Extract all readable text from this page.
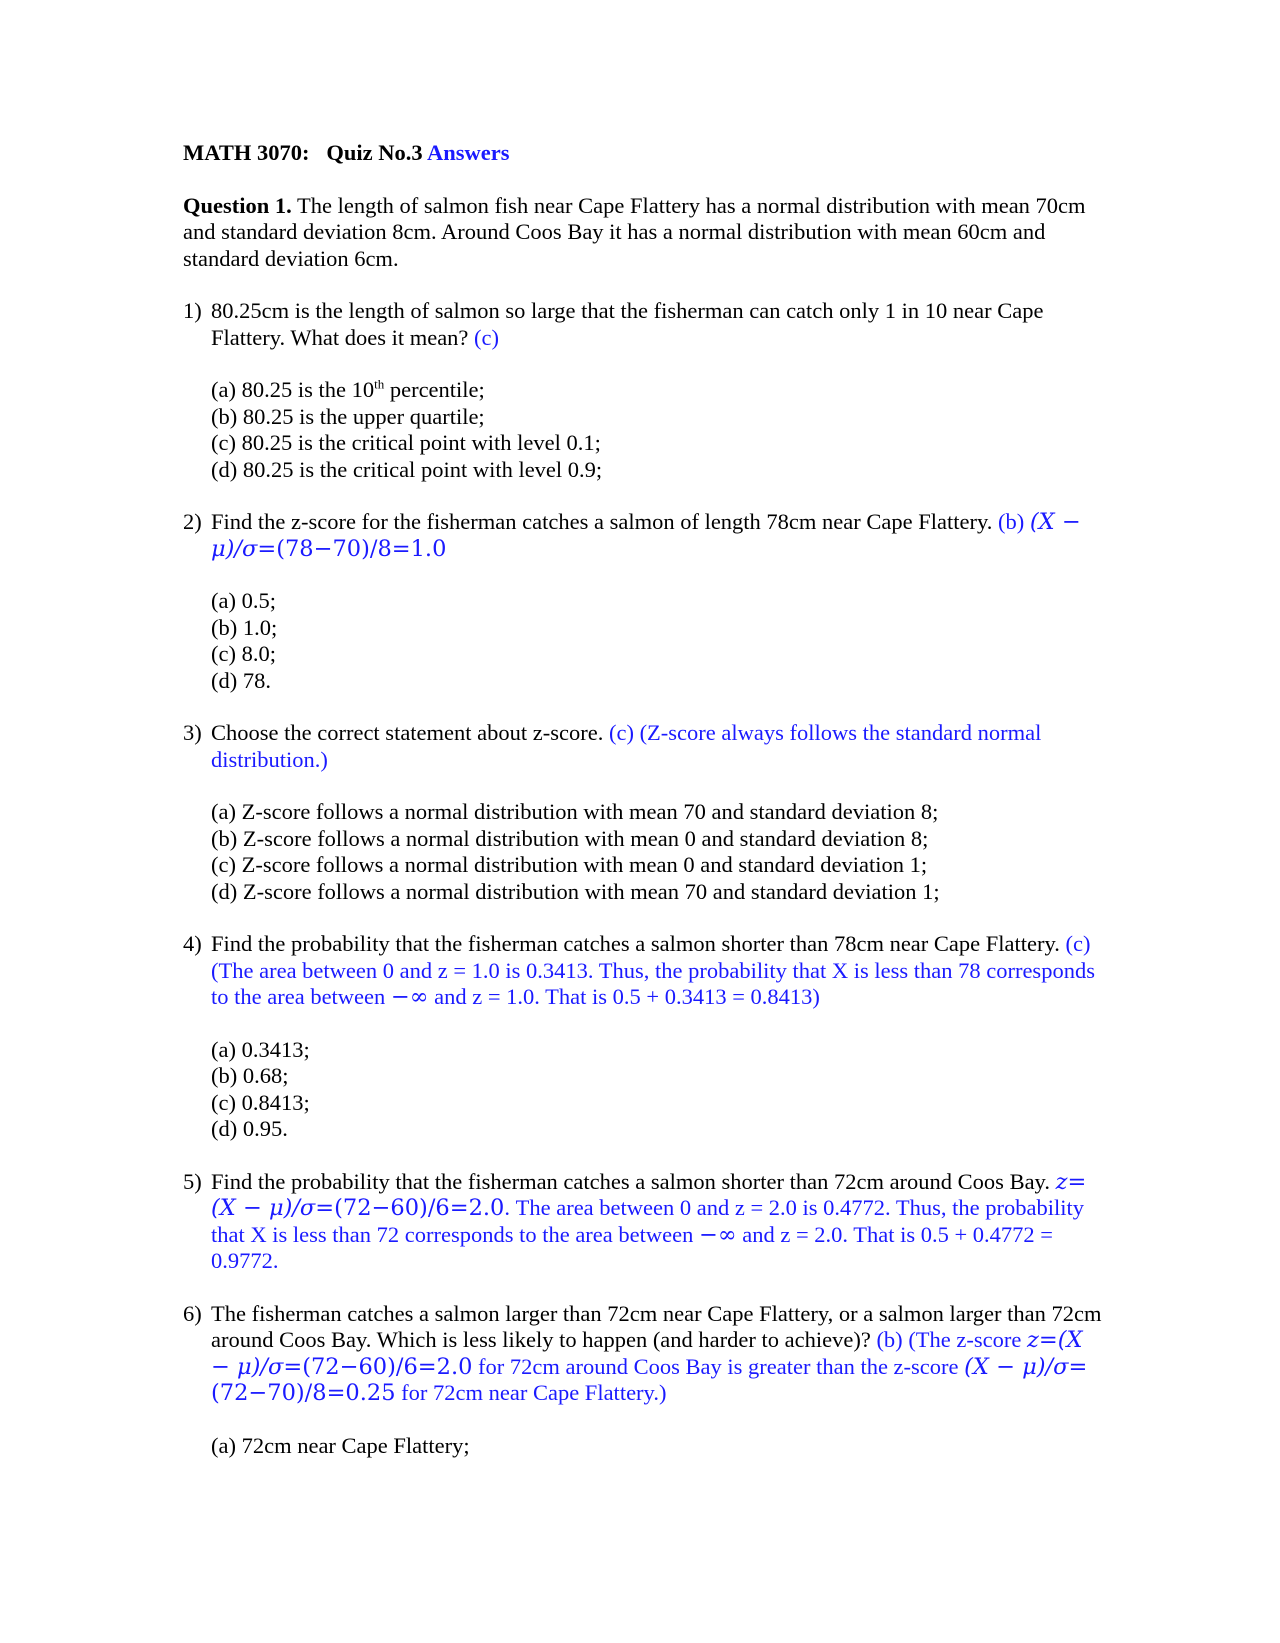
MATH 3070: Quiz No.3 Answers
Question 1. The length of salmon fish near Cape Flattery has a normal distribution with mean 70cm and standard deviation 8cm. Around Coos Bay it has a normal distribution with mean 60cm and standard deviation 6cm.
1) 80.25cm is the length of salmon so large that the fisherman can catch only 1 in 10 near Cape Flattery. What does it mean? (c)
(a) 80.25 is the 10th percentile;
(b) 80.25 is the upper quartile;
(c) 80.25 is the critical point with level 0.1;
(d) 80.25 is the critical point with level 0.9;
2) Find the z-score for the fisherman catches a salmon of length 78cm near Cape Flattery. (b) (X − μ)/σ=(78−70)/8=1.0
(a) 0.5;
(b) 1.0;
(c) 8.0;
(d) 78.
3) Choose the correct statement about z-score. (c) (Z-score always follows the standard normal distribution.)
(a) Z-score follows a normal distribution with mean 70 and standard deviation 8;
(b) Z-score follows a normal distribution with mean 0 and standard deviation 8;
(c) Z-score follows a normal distribution with mean 0 and standard deviation 1;
(d) Z-score follows a normal distribution with mean 70 and standard deviation 1;
4) Find the probability that the fisherman catches a salmon shorter than 78cm near Cape Flattery. (c) (The area between 0 and z = 1.0 is 0.3413. Thus, the probability that X is less than 78 corresponds to the area between −∞ and z = 1.0. That is 0.5 + 0.3413 = 0.8413)
(a) 0.3413;
(b) 0.68;
(c) 0.8413;
(d) 0.95.
5) Find the probability that the fisherman catches a salmon shorter than 72cm around Coos Bay. z=(X − μ)/σ=(72−60)/6=2.0. The area between 0 and z = 2.0 is 0.4772. Thus, the probability that X is less than 72 corresponds to the area between −∞ and z = 2.0. That is 0.5 + 0.4772 = 0.9772.
6) The fisherman catches a salmon larger than 72cm near Cape Flattery, or a salmon larger than 72cm around Coos Bay. Which is less likely to happen (and harder to achieve)? (b) (The z-score z=(X − μ)/σ=(72−60)/6=2.0 for 72cm around Coos Bay is greater than the z-score (X − μ)/σ=(72−70)/8=0.25 for 72cm near Cape Flattery.)
(a) 72cm near Cape Flattery;
